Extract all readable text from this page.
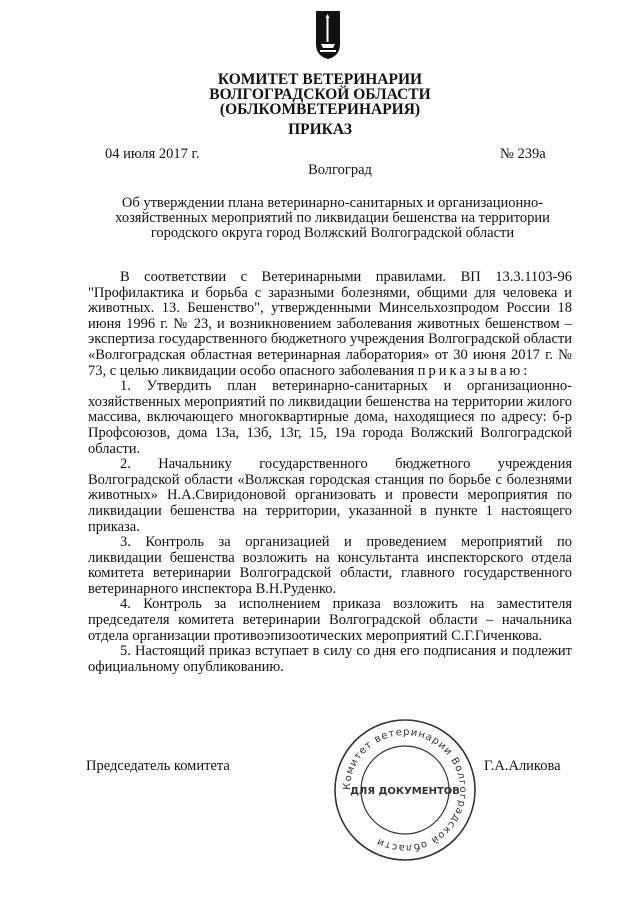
КОМИТЕТ ВЕТЕРИНАРИИ
ВОЛГОГРАДСКОЙ ОБЛАСТИ
(ОБЛКОМВЕТЕРИНАРИЯ)
ПРИКАЗ
04 июля 2017 г.	№ 239а
Волгоград
Об утверждении плана ветеринарно-санитарных и организационно-хозяйственных мероприятий по ликвидации бешенства на территории городского округа город Волжский Волгоградской области

В соответствии с Ветеринарными правилами. ВП 13.3.1103-96 "Профилактика и борьба с заразными болезнями, общими для человека и животных. 13. Бешенство", утвержденными Минсельхозпродом России 18 июня 1996 г. № 23, и возникновением заболевания животных бешенством – экспертиза государственного бюджетного учреждения Волгоградской области «Волгоградская областная ветеринарная лаборатория» от 30 июня 2017 г. № 73, с целью ликвидации особо опасного заболевания приказываю:

1. Утвердить план ветеринарно-санитарных и организационно-хозяйственных мероприятий по ликвидации бешенства на территории жилого массива, включающего многоквартирные дома, находящиеся по адресу: б-р Профсоюзов, дома 13а, 13б, 13г, 15, 19а города Волжский Волгоградской области.

2. Начальнику государственного бюджетного учреждения Волгоградской области «Волжская городская станция по борьбе с болезнями животных» Н.А.Свиридоновой организовать и провести мероприятия по ликвидации бешенства на территории, указанной в пункте 1 настоящего приказа.

3. Контроль за организацией и проведением мероприятий по ликвидации бешенства возложить на консультанта инспекторского отдела комитета ветеринарии Волгоградской области, главного государственного ветеринарного инспектора В.Н.Руденко.

4. Контроль за исполнением приказа возложить на заместителя председателя комитета ветеринарии Волгоградской области – начальника отдела организации противоэпизоотических мероприятий С.Г.Гиченкова.

5. Настоящий приказ вступает в силу со дня его подписания и подлежит официальному опубликованию.

Председатель комитета	Г.А.Аликова
Комитет ветеринарии Волгоградской области
ДЛЯ ДОКУМЕНТОВ
